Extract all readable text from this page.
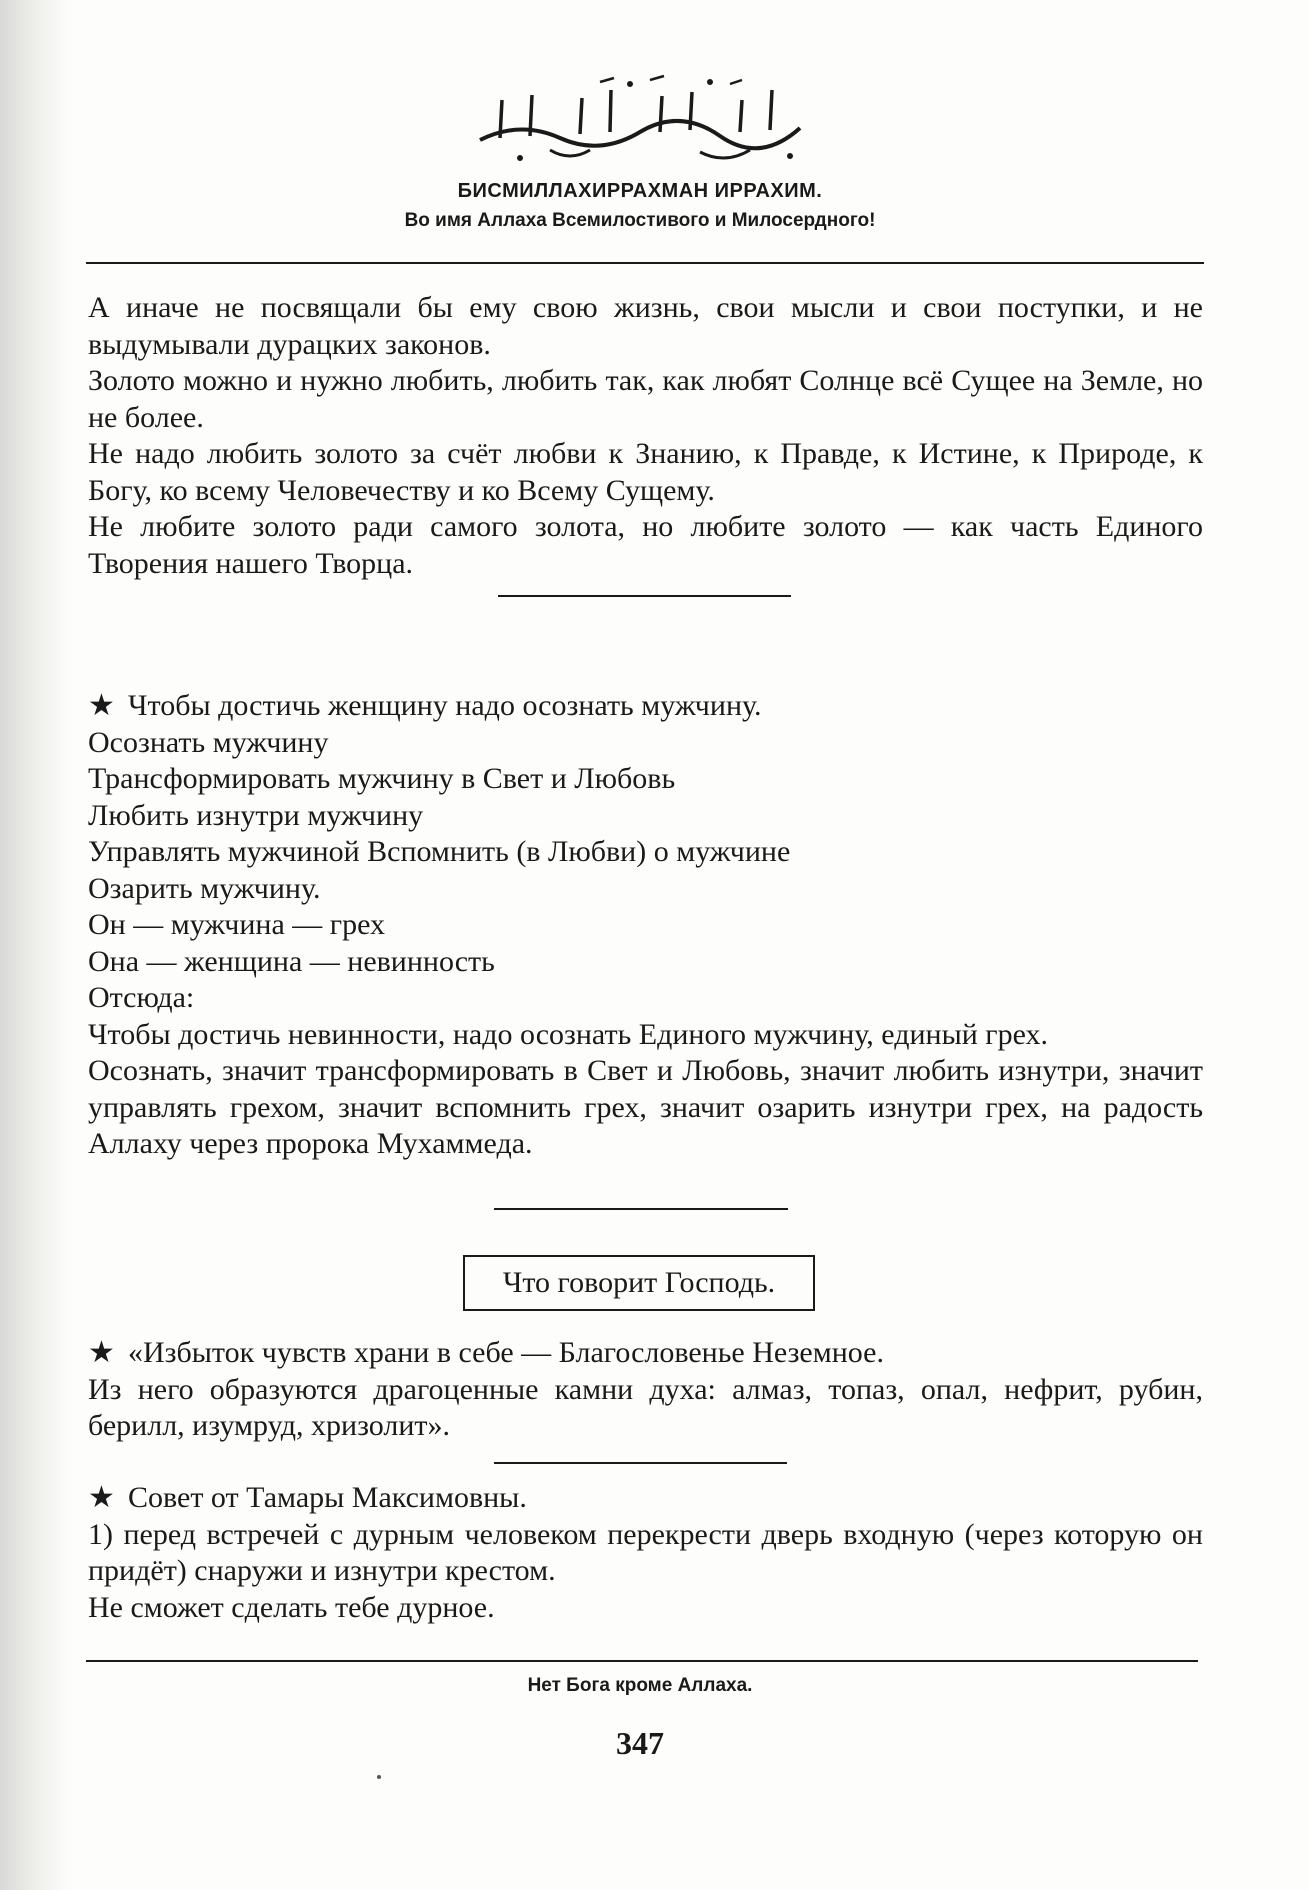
БИСМИЛЛАХИРРАХМАН ИРРАХИМ.
Во имя Аллаха Всемилостивого и Милосердного!

А иначе не посвящали бы ему свою жизнь, свои мысли и свои поступки, и не выдумывали дурацких законов.

Золото можно и нужно любить, любить так, как любят Солнце всё Сущее на Земле, но не более.

Не надо любить золото за счёт любви к Знанию, к Правде, к Истине, к Природе, к Богу, ко всему Человечеству и ко Всему Сущему.

Не любите золото ради самого золота, но любите золото — как часть Единого Творения нашего Творца.

★ Чтобы достичь женщину надо осознать мужчину.

Осознать мужчину

Трансформировать мужчину в Свет и Любовь

Любить изнутри мужчину

Управлять мужчиной Вспомнить (в Любви) о мужчине

Озарить мужчину.

Он — мужчина — грех

Она — женщина — невинность

Отсюда:

Чтобы достичь невинности, надо осознать Единого мужчину, единый грех.

Осознать, значит трансформировать в Свет и Любовь, значит любить изнутри, значит управлять грехом, значит вспомнить грех, значит озарить изнутри грех, на радость Аллаху через пророка Мухаммеда.

Что говорит Господь.

★ «Избыток чувств храни в себе — Благословенье Неземное.

Из него образуются драгоценные камни духа: алмаз, топаз, опал, нефрит, рубин, берилл, изумруд, хризолит».

★ Совет от Тамары Максимовны.

1) перед встречей с дурным человеком перекрести дверь входную (через которую он придёт) снаружи и изнутри крестом.

Не сможет сделать тебе дурное.

Нет Бога кроме Аллаха.
347
